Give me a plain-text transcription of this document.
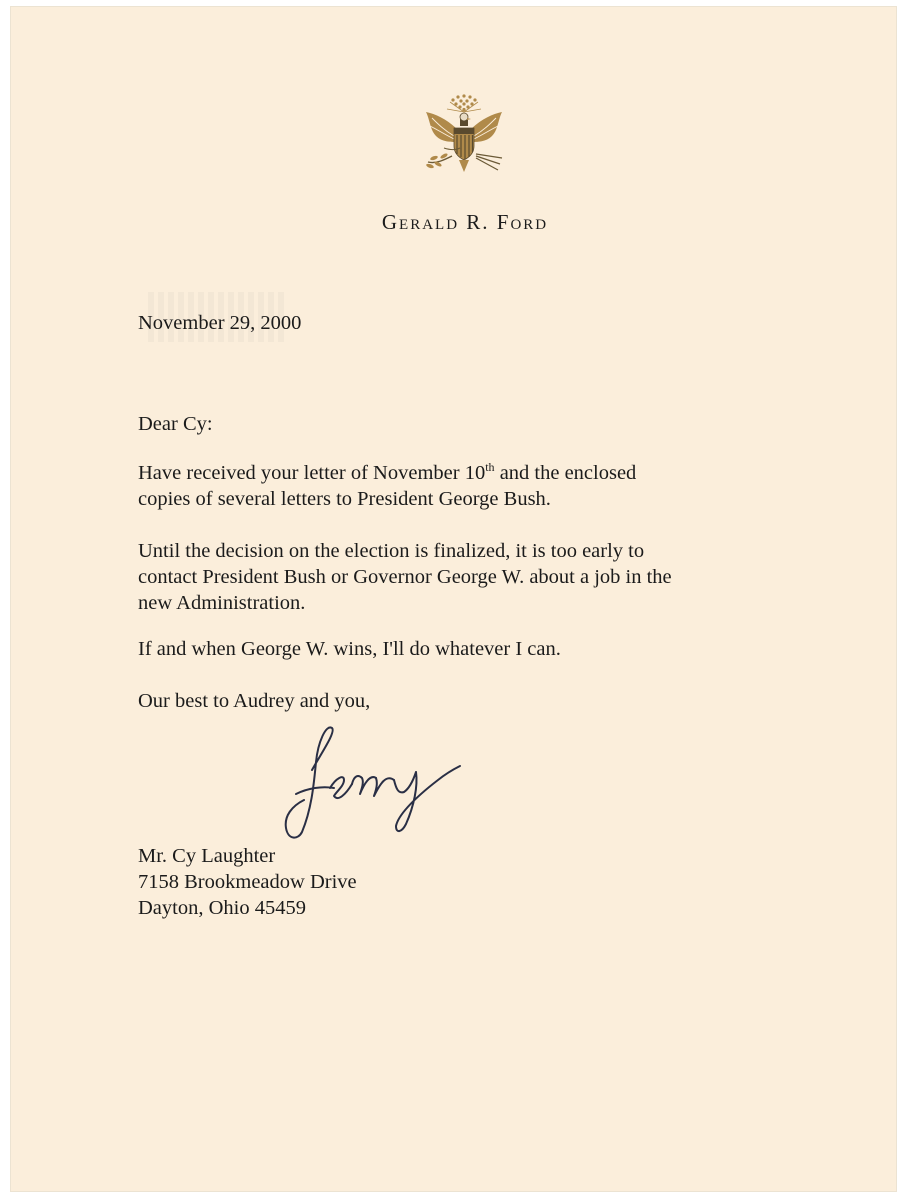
Gerald R. Ford

November 29, 2000

Dear Cy:

Have received your letter of November 10th and the enclosed
copies of several letters to President George Bush.
Until the decision on the election is finalized, it is too early to
contact President Bush or Governor George W. about a job in the
new Administration.

If and when George W. wins, I'll do whatever I can.

Our best to Audrey and you,

Mr. Cy Laughter

7158 Brookmeadow Drive

Dayton, Ohio 45459
